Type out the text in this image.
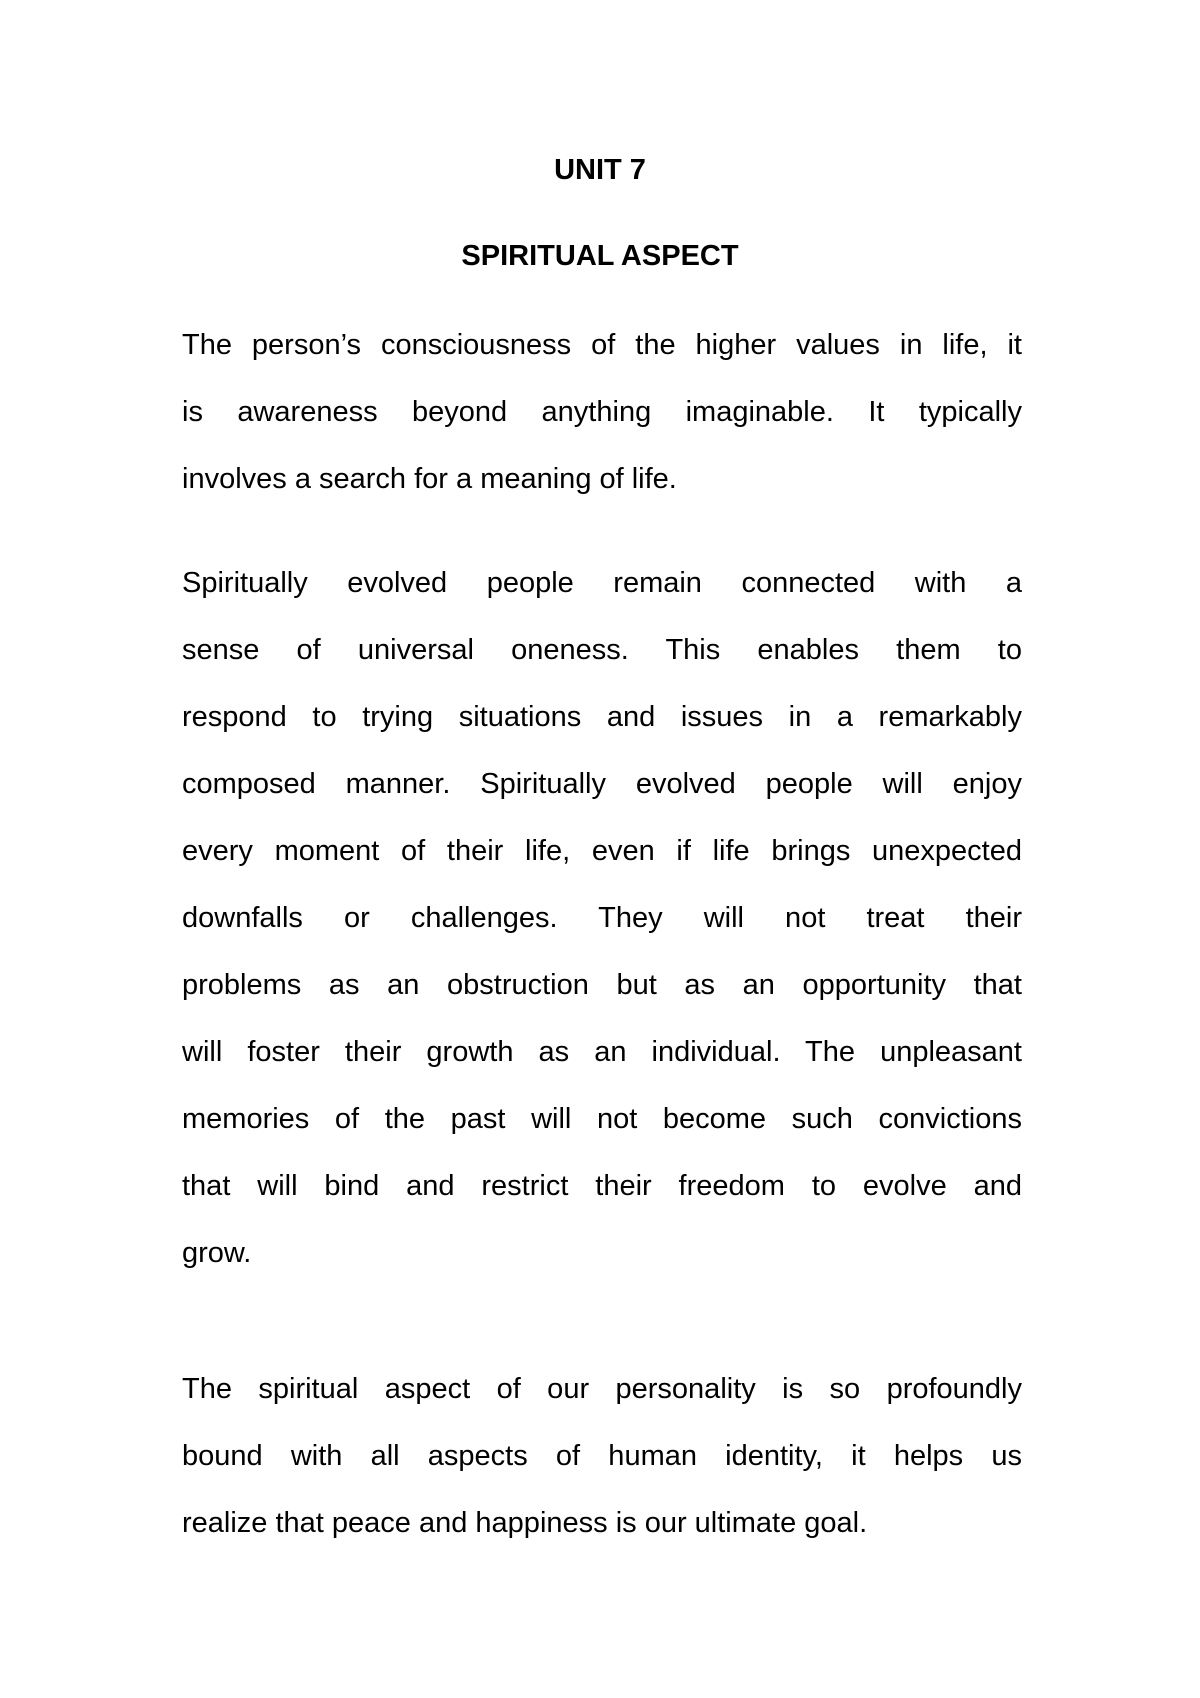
UNIT 7
SPIRITUAL ASPECT
The person’s consciousness of the higher values in life, it
is awareness beyond anything imaginable. It typically
involves a search for a meaning of life.
Spiritually evolved people remain connected with a
sense of universal oneness. This enables them to
respond to trying situations and issues in a remarkably
composed manner. Spiritually evolved people will enjoy
every moment of their life, even if life brings unexpected
downfalls or challenges. They will not treat their
problems as an obstruction but as an opportunity that
will foster their growth as an individual. The unpleasant
memories of the past will not become such convictions
that will bind and restrict their freedom to evolve and
grow.
The spiritual aspect of our personality is so profoundly
bound with all aspects of human identity, it helps us
realize that peace and happiness is our ultimate goal.
